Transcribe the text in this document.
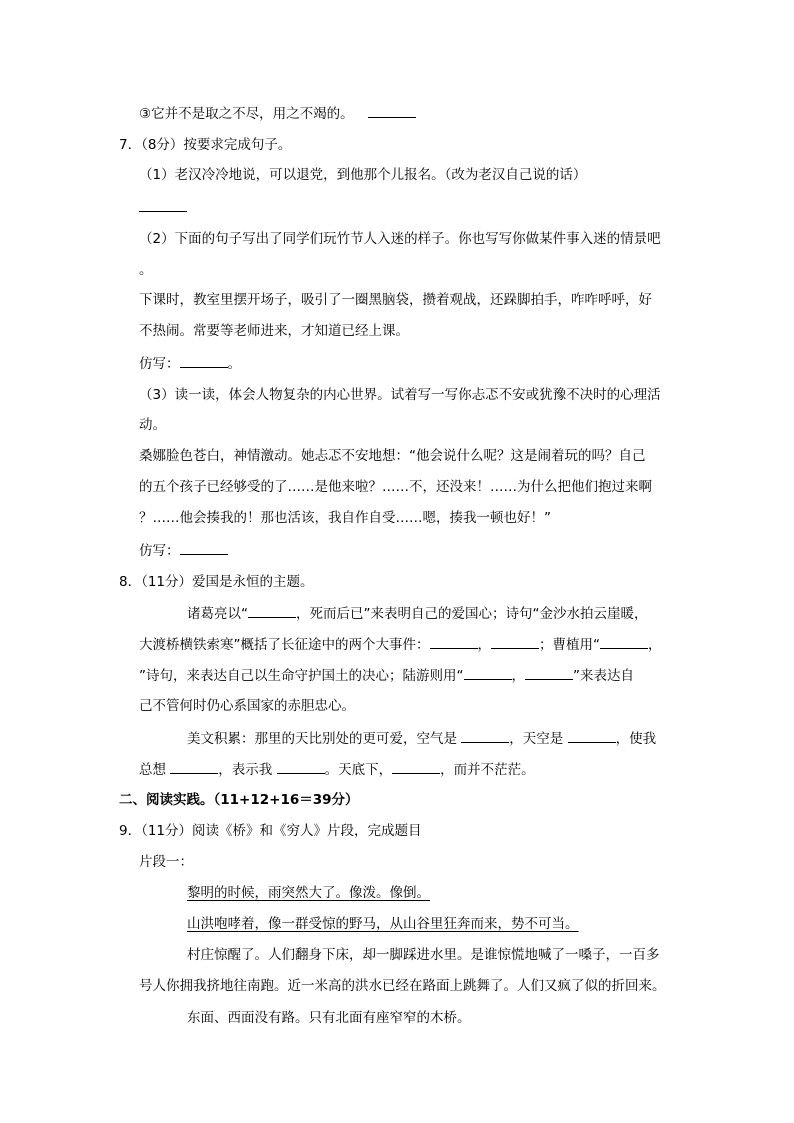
③它并不是取之不尽，用之不竭的。
7．（8分）按要求完成句子。
（1）老汉冷冷地说，可以退党，到他那个儿报名。（改为老汉自己说的话）
（2）下面的句子写出了同学们玩竹节人入迷的样子。你也写写你做某件事入迷的情景吧
。
下课时，教室里摆开场子，吸引了一圈黑脑袋，攒着观战，还跺脚拍手，咋咋呼呼，好
不热闹。常要等老师进来，才知道已经上课。
仿写：	。
（3）读一读，体会人物复杂的内心世界。试着写一写你忐忑不安或犹豫不决时的心理活
动。
桑娜脸色苍白，神情激动。她忐忑不安地想：“他会说什么呢？这是闹着玩的吗？自己
的五个孩子已经够受的了……是他来啦？……不，还没来！……为什么把他们抱过来啊
？……他会揍我的！那也活该，我自作自受……嗯，揍我一顿也好！”
仿写：
8．（11分）爱国是永恒的主题。
诸葛亮以“	，死而后已”来表明自己的爱国心；诗句“金沙水拍云崖暖，
大渡桥横铁索寒”概括了长征途中的两个大事件：	，	；曹植用“	，
”诗句，来表达自己以生命守护国土的决心；陆游则用“	，	”来表达自
己不管何时仍心系国家的赤胆忠心。
美文积累：那里的天比别处的更可爱，空气是	，天空是	，使我
总想	，表示我	。天底下，	，而并不茫茫。
二、阅读实践。（11+12+16＝39分）
9．（11分）阅读《桥》和《穷人》片段，完成题目
片段一：
黎明的时候，雨突然大了。像泼。像倒。
山洪咆哮着，像一群受惊的野马，从山谷里狂奔而来，势不可当。
村庄惊醒了。人们翻身下床，却一脚踩进水里。是谁惊慌地喊了一嗓子，一百多
号人你拥我挤地往南跑。近一米高的洪水已经在路面上跳舞了。人们又疯了似的折回来。
东面、西面没有路。只有北面有座窄窄的木桥。
